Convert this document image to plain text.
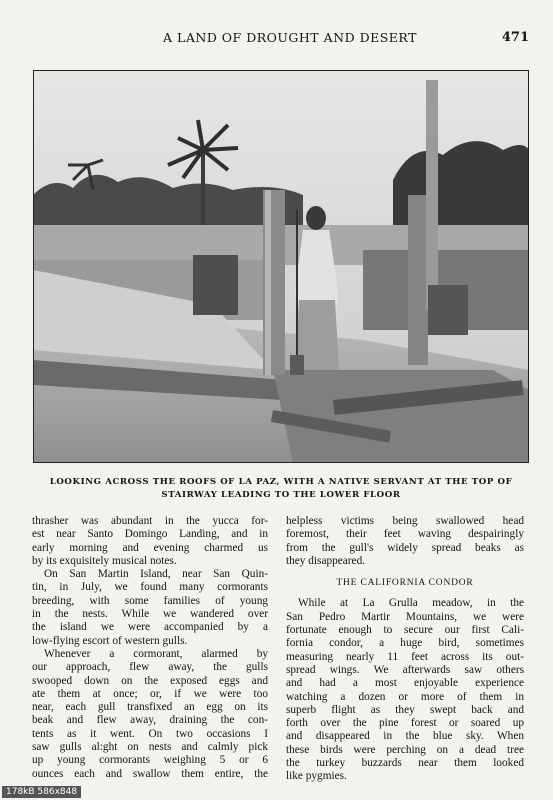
A LAND OF DROUGHT AND DESERT	471
LOOKING ACROSS THE ROOFS OF LA PAZ, WITH A NATIVE SERVANT AT THE TOP OF
STAIRWAY LEADING TO THE LOWER FLOOR

thrasher was abundant in the yucca for-
est near Santo Domingo Landing, and in
early morning and evening charmed us
by its exquisitely musical notes.

On San Martin Island, near San Quin-
tin, in July, we found many cormorants
breeding, with some families of young
in the nests. While we wandered over
the island we were accompanied by a
low-flying escort of western gulls.

Whenever a cormorant, alarmed by
our approach, flew away, the gulls
swooped down on the exposed eggs and
ate them at once; or, if we were too
near, each gull transfixed an egg on its
beak and flew away, draining the con-
tents as it went. On two occasions I
saw gulls al:ght on nests and calmly pick
up young cormorants weighing 5 or 6
ounces each and swallow them entire, the

helpless victims being swallowed head
foremost, their feet waving despairingly
from the gull's widely spread beaks as
they disappeared.

THE CALIFORNIA CONDOR

While at La Grulla meadow, in the
San Pedro Martir Mountains, we were
fortunate enough to secure our first Cali-
fornia condor, a huge bird, sometimes
measuring nearly 11 feet across its out-
spread wings. We afterwards saw others
and had a most enjoyable experience
watching a dozen or more of them in
superb flight as they swept back and
forth over the pine forest or soared up
and disappeared in the blue sky. When
these birds were perching on a dead tree
the turkey buzzards near them looked
like pygmies.

178kB 586x848
